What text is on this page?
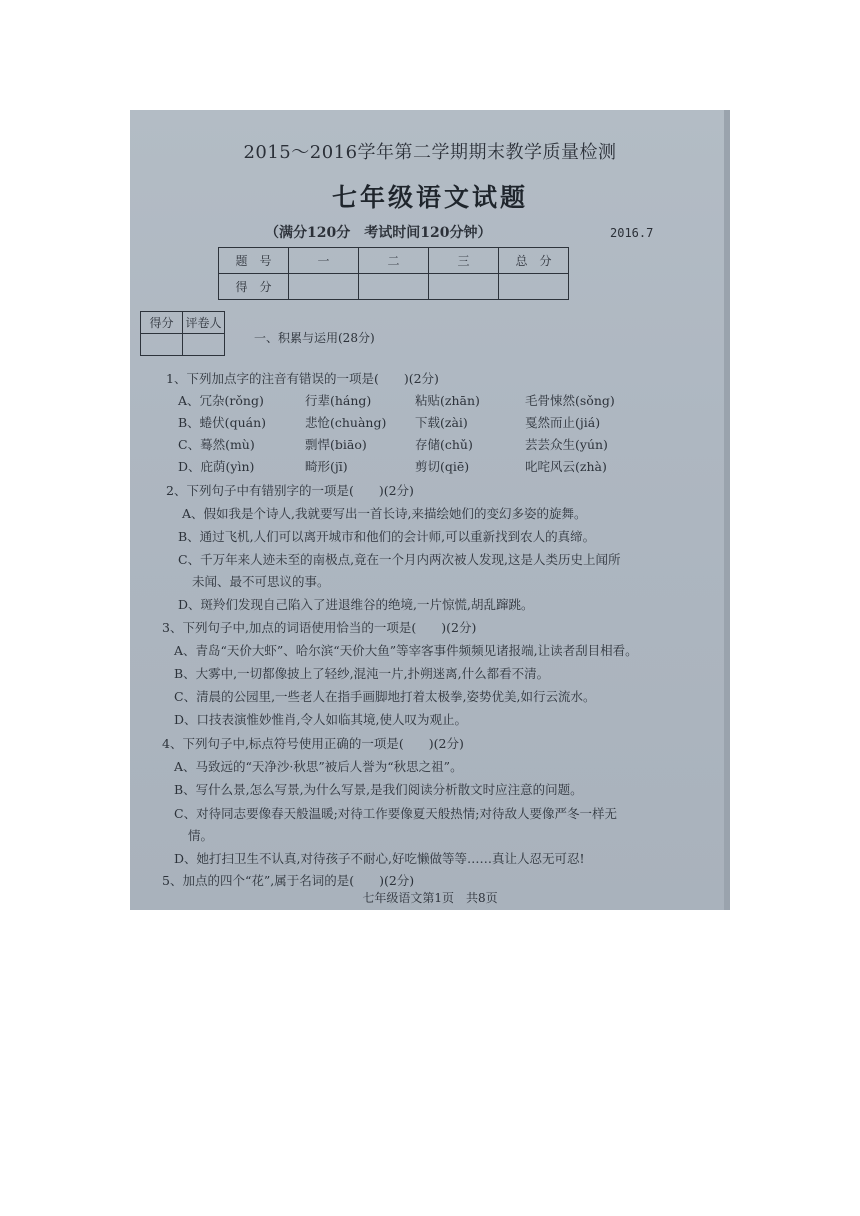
2015～2016学年第二学期期末教学质量检测
七年级语文试题
（满分120分　考试时间120分钟）	2016.7
题　号	一	二	三	总　分
得　分				
得分	评卷人

一、积累与运用(28分)
1、下列加点字的注音有错误的一项是(　　)(2分)
A、冗杂(rǒng)	行辈(háng)	粘贴(zhān)	毛骨悚然(sǒng)
B、蜷伏(quán)	悲怆(chuàng) 下载(zài)	戛然而止(jiá)
C、蓦然(mù)	剽悍(biāo)	存储(chǔ)	芸芸众生(yún)
D、庇荫(yìn)	畸形(jī)	剪切(qiē)	叱咤风云(zhà)
2、下列句子中有错别字的一项是(　　)(2分)
A、假如我是个诗人,我就要写出一首长诗,来描绘她们的变幻多姿的旋舞。
B、通过飞机,人们可以离开城市和他们的会计师,可以重新找到农人的真缔。
C、千万年来人迹未至的南极点,竟在一个月内两次被人发现,这是人类历史上闻所
未闻、最不可思议的事。
D、斑羚们发现自己陷入了进退维谷的绝境,一片惊慌,胡乱蹿跳。
3、下列句子中,加点的词语使用恰当的一项是(　　)(2分)
A、青岛“天价大虾”、哈尔滨“天价大鱼”等宰客事件频频见诸报端,让读者刮目相看。
B、大雾中,一切都像披上了轻纱,混沌一片,扑朔迷离,什么都看不清。
C、清晨的公园里,一些老人在指手画脚地打着太极拳,姿势优美,如行云流水。
D、口技表演惟妙惟肖,令人如临其境,使人叹为观止。
4、下列句子中,标点符号使用正确的一项是(　　)(2分)
A、马致远的“天净沙·秋思”被后人誉为“秋思之祖”。
B、写什么景,怎么写景,为什么写景,是我们阅读分析散文时应注意的问题。
C、对待同志要像春天般温暖;对待工作要像夏天般热情;对待敌人要像严冬一样无
情。
D、她打扫卫生不认真,对待孩子不耐心,好吃懒做等等……真让人忍无可忍!
5、加点的四个“花”,属于名词的是(　　)(2分)
七年级语文第1页　共8页
